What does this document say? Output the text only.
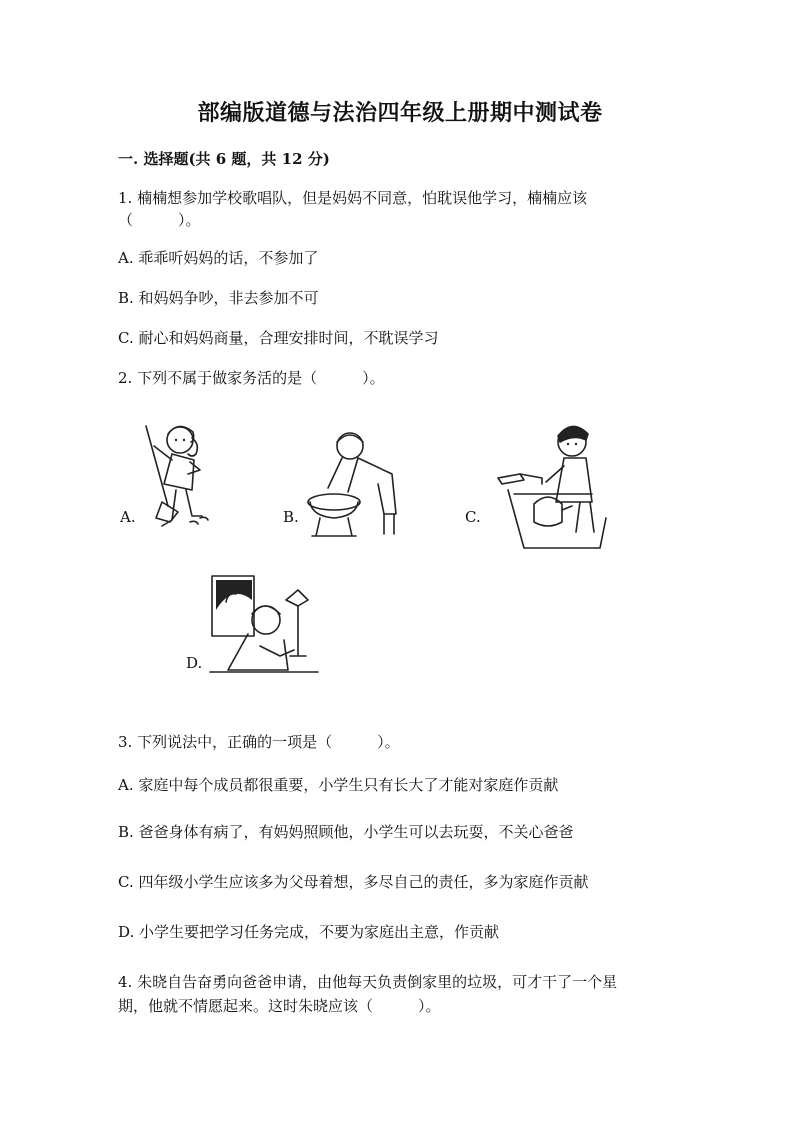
部编版道德与法治四年级上册期中测试卷
一. 选择题(共 6 题，共 12 分)
1. 楠楠想参加学校歌唱队，但是妈妈不同意，怕耽误他学习，楠楠应该
（　　　）。
A. 乖乖听妈妈的话，不参加了
B. 和妈妈争吵，非去参加不可
C. 耐心和妈妈商量，合理安排时间，不耽误学习
2. 下列不属于做家务活的是（　　　）。
A.	B.	C.
D.
3. 下列说法中，正确的一项是（　　　）。
A. 家庭中每个成员都很重要，小学生只有长大了才能对家庭作贡献
B. 爸爸身体有病了，有妈妈照顾他，小学生可以去玩耍，不关心爸爸
C. 四年级小学生应该多为父母着想，多尽自己的责任，多为家庭作贡献
D. 小学生要把学习任务完成，不要为家庭出主意，作贡献
4. 朱晓自告奋勇向爸爸申请，由他每天负责倒家里的垃圾，可才干了一个星
期，他就不情愿起来。这时朱晓应该（　　　）。
